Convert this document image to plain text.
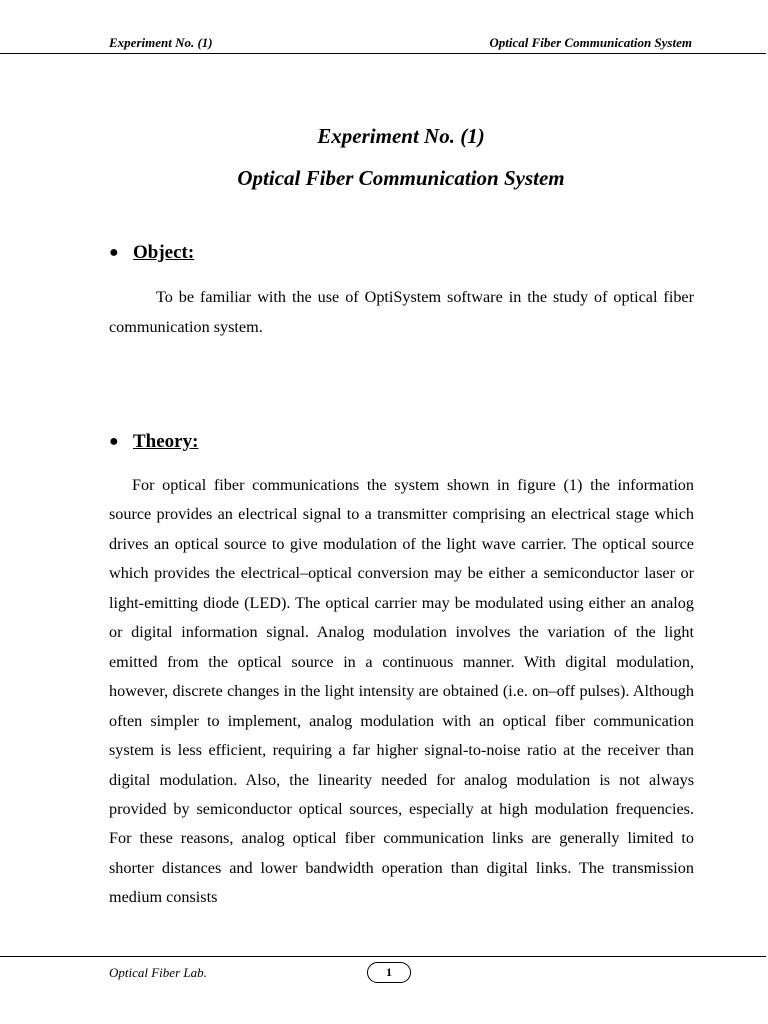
Experiment No. (1)	Optical Fiber Communication System
Experiment No. (1)
Optical Fiber Communication System
● Object:

To be familiar with the use of OptiSystem software in the study of optical fiber communication system.

● Theory:

For optical fiber communications the system shown in figure (1) the information source provides an electrical signal to a transmitter comprising an electrical stage which drives an optical source to give modulation of the light wave carrier. The optical source which provides the electrical–optical conversion may be either a semiconductor laser or light-emitting diode (LED). The optical carrier may be modulated using either an analog or digital information signal. Analog modulation involves the variation of the light emitted from the optical source in a continuous manner. With digital modulation, however, discrete changes in the light intensity are obtained (i.e. on–off pulses). Although often simpler to implement, analog modulation with an optical fiber communication system is less efficient, requiring a far higher signal-to-noise ratio at the receiver than digital modulation. Also, the linearity needed for analog modulation is not always provided by semiconductor optical sources, especially at high modulation frequencies. For these reasons, analog optical fiber communication links are generally limited to shorter distances and lower bandwidth operation than digital links. The transmission medium consists

Optical Fiber Lab.	1
